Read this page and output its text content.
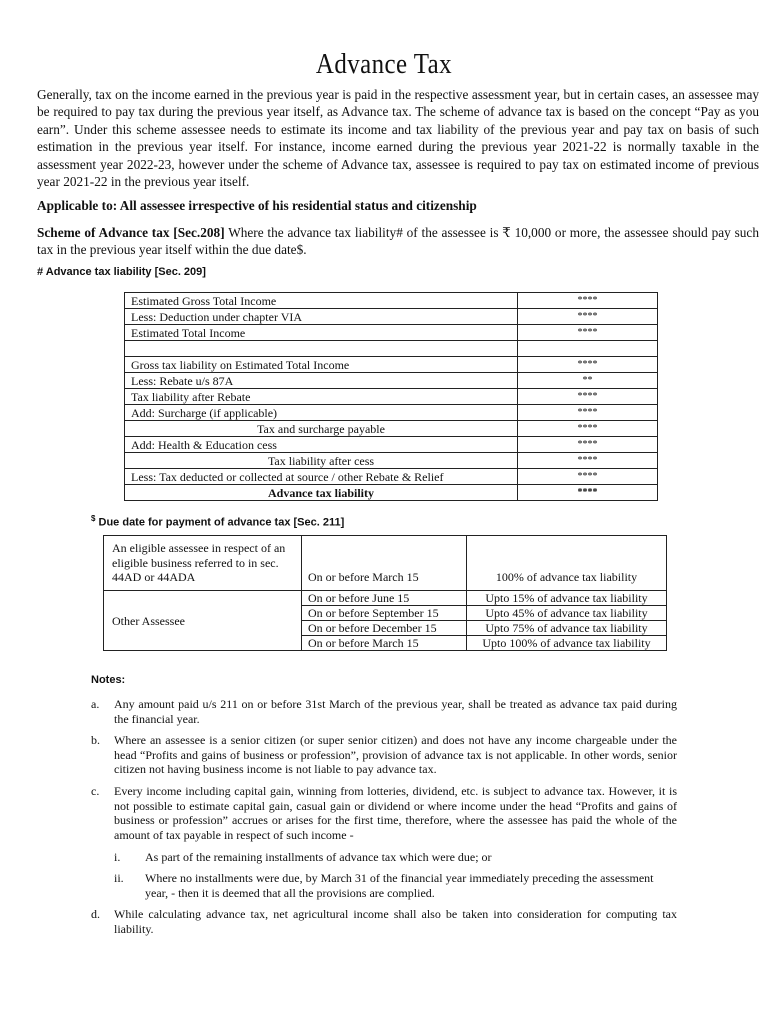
Advance Tax
Generally, tax on the income earned in the previous year is paid in the respective assessment year, but in certain cases, an assessee may be required to pay tax during the previous year itself, as Advance tax. The scheme of advance tax is based on the concept “Pay as you earn”. Under this scheme assessee needs to estimate its income and tax liability of the previous year and pay tax on basis of such estimation in the previous year itself. For instance, income earned during the previous year 2021-22 is normally taxable in the assessment year 2022-23, however under the scheme of Advance tax, assessee is required to pay tax on estimated income of previous year 2021-22 in the previous year itself.
Applicable to: All assessee irrespective of his residential status and citizenship
Scheme of Advance tax [Sec.208] Where the advance tax liability# of the assessee is ₹ 10,000 or more, the assessee should pay such tax in the previous year itself within the due date$.
# Advance tax liability [Sec. 209]
Estimated Gross Total Income	****
Less: Deduction under chapter VIA	****
Estimated Total Income	****

Gross tax liability on Estimated Total Income	****
Less: Rebate u/s 87A	**
Tax liability after Rebate	****
Add: Surcharge (if applicable)	****
Tax and surcharge payable	****
Add: Health & Education cess	****
Tax liability after cess	****
Less: Tax deducted or collected at source / other Rebate & Relief	****
Advance tax liability	****
$ Due date for payment of advance tax [Sec. 211]
An eligible assessee in respect of an eligible business referred to in sec. 44AD or 44ADA	On or before March 15	100% of advance tax liability
Other Assessee	On or before June 15	Upto 15% of advance tax liability
	On or before September 15	Upto 45% of advance tax liability
	On or before December 15	Upto 75% of advance tax liability
	On or before March 15	Upto 100% of advance tax liability
Notes:
a. Any amount paid u/s 211 on or before 31st March of the previous year, shall be treated as advance tax paid during the financial year.
b. Where an assessee is a senior citizen (or super senior citizen) and does not have any income chargeable under the head “Profits and gains of business or profession”, provision of advance tax is not applicable. In other words, senior citizen not having business income is not liable to pay advance tax.
c. Every income including capital gain, winning from lotteries, dividend, etc. is subject to advance tax. However, it is not possible to estimate capital gain, casual gain or dividend or where income under the head “Profits and gains of business or profession” accrues or arises for the first time, therefore, where the assessee has paid the whole of the amount of tax payable in respect of such income -
i. As part of the remaining installments of advance tax which were due; or
ii. Where no installments were due, by March 31 of the financial year immediately preceding the assessment year, - then it is deemed that all the provisions are complied.
d. While calculating advance tax, net agricultural income shall also be taken into consideration for computing tax liability.
